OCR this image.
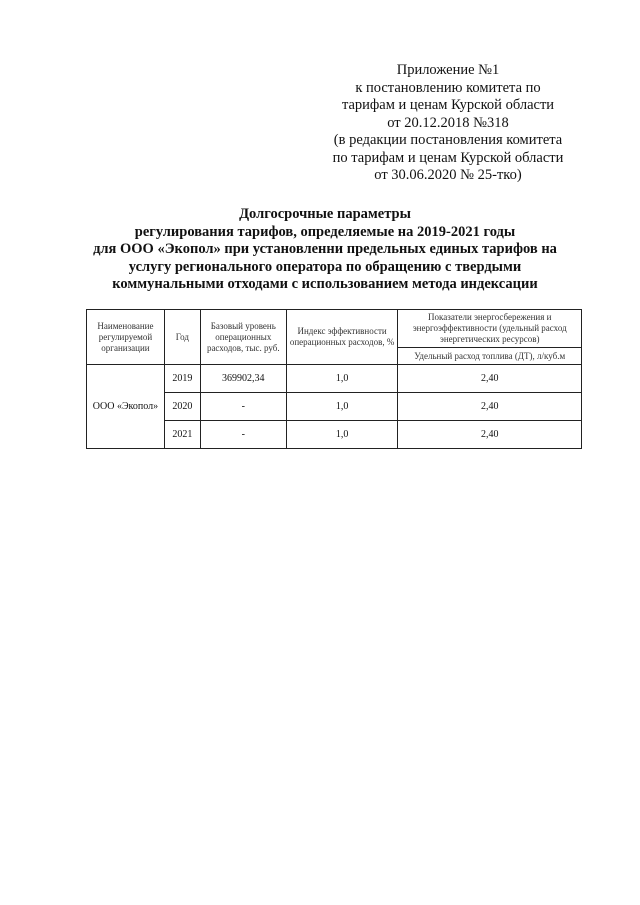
Приложение №1
к постановлению комитета по
тарифам и ценам Курской области
от 20.12.2018 №318
(в редакции постановления комитета
по тарифам и ценам Курской области
от 30.06.2020 № 25-тко)
Долгосрочные параметры
регулирования тарифов, определяемые на 2019-2021 годы
для ООО «Экопол» при установленни предельных единых тарифов на
услугу регионального оператора по обращению с твердыми
коммунальными отходами с использованием метода индексации
Наименование регулируемой организации	Год	Базовый уровень операционных расходов, тыс. руб.	Индекс эффективности операционных расходов, %	Показатели энергосбережения и энергоэффективности (удельный расход энергетических ресурсов)
				Удельный расход топлива (ДТ), л/куб.м
ООО «Экопол»	2019	369902,34	1,0	2,40
	2020	-	1,0	2,40
	2021	-	1,0	2,40
